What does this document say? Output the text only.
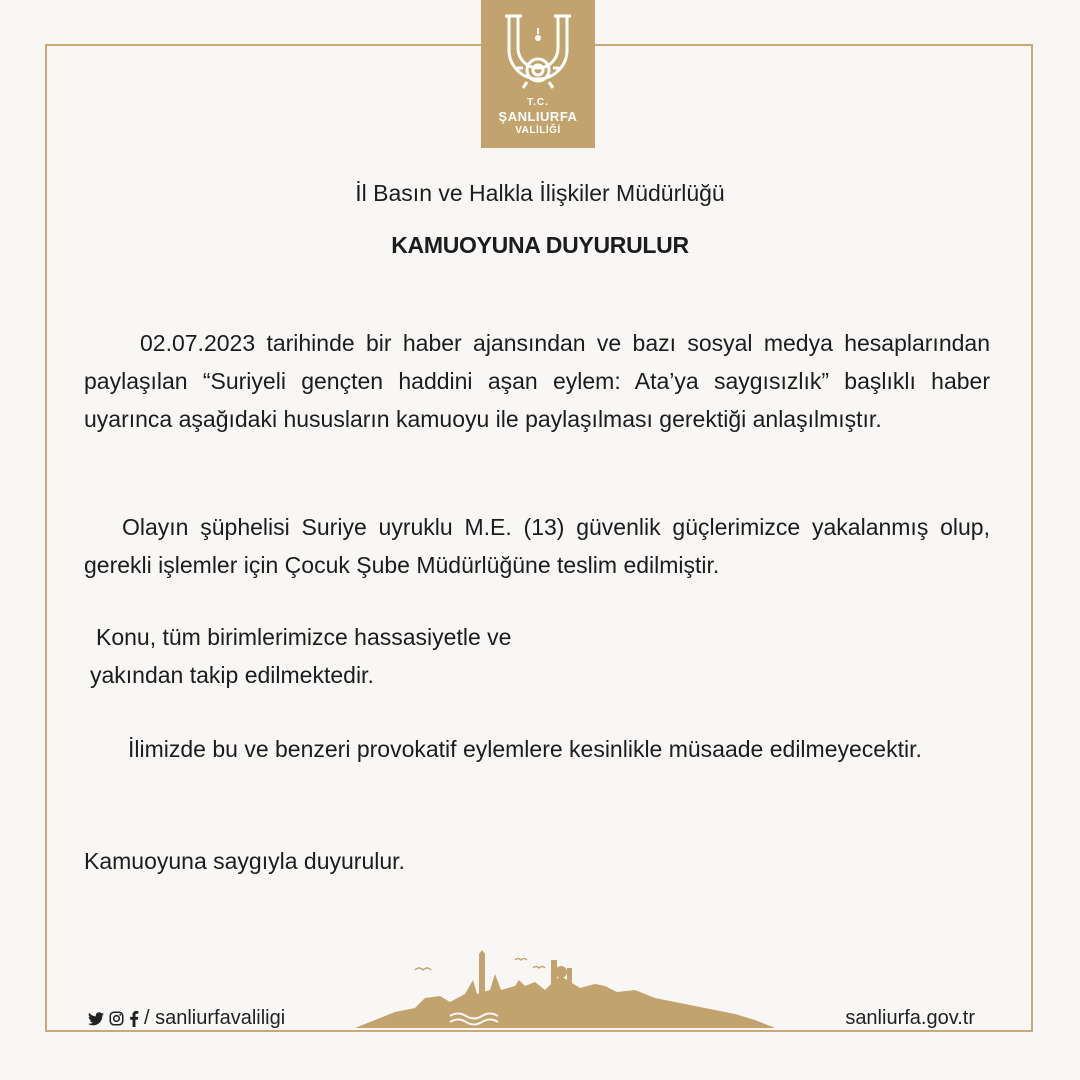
T.C.
ŞANLIURFA
VALİLİĞİ
İl Basın ve Halkla İlişkiler Müdürlüğü
KAMUOYUNA DUYURULUR

02.07.2023 tarihinde bir haber ajansından ve bazı sosyal medya hesaplarından paylaşılan “Suriyeli gençten haddini aşan eylem: Ata’ya saygısızlık” başlıklı haber uyarınca aşağıdaki hususların kamuoyu ile paylaşılması gerektiği anlaşılmıştır.

Olayın şüphelisi Suriye uyruklu M.E. (13) güvenlik güçlerimizce yakalanmış olup, gerekli işlemler için Çocuk Şube Müdürlüğüne teslim edilmiştir.

Konu, tüm birimlerimizce hassasiyetle ve
yakından takip edilmektedir.

İlimizde bu ve benzeri provokatif eylemlere kesinlikle müsaade edilmeyecektir.

Kamuoyuna saygıyla duyurulur.

/ sanliurfavaliligi	sanliurfa.gov.tr
